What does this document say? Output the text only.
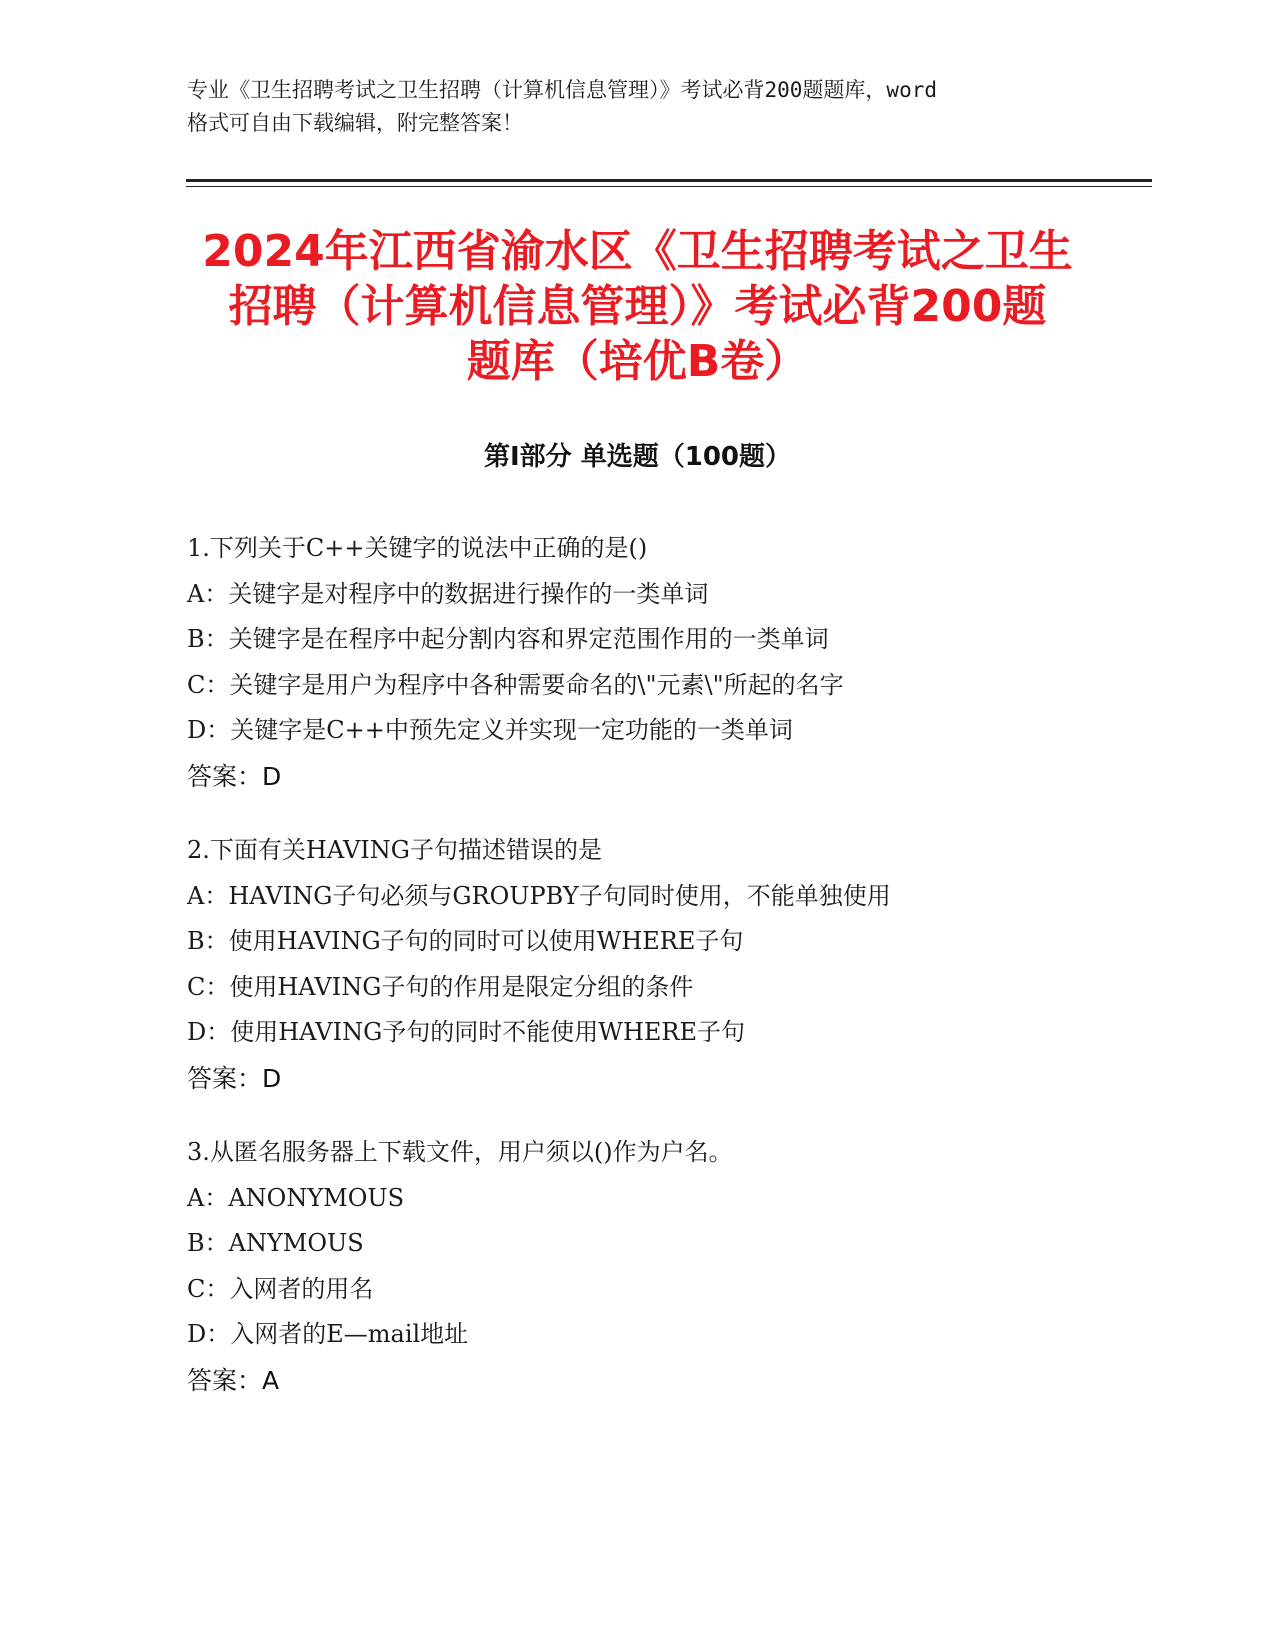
专业《卫生招聘考试之卫生招聘（计算机信息管理）》考试必背200题题库，word
格式可自由下载编辑，附完整答案！
2024年江西省渝水区《卫生招聘考试之卫生
招聘（计算机信息管理）》考试必背200题
题库（培优B卷）
第Ⅰ部分 单选题（100题）
1.下列关于C++关键字的说法中正确的是()
A：关键字是对程序中的数据进行操作的一类单词
B：关键字是在程序中起分割内容和界定范围作用的一类单词
C：关键字是用户为程序中各种需要命名的\"元素\"所起的名字
D：关键字是C++中预先定义并实现一定功能的一类单词
答案：D
2.下面有关HAVING子句描述错误的是
A：HAVING子句必须与GROUPBY子句同时使用，不能单独使用
B：使用HAVING子句的同时可以使用WHERE子句
C：使用HAVING子句的作用是限定分组的条件
D：使用HAVING予句的同时不能使用WHERE子句
答案：D
3.从匿名服务器上下载文件，用户须以()作为户名。
A：ANONYMOUS
B：ANYMOUS
C：入网者的用名
D：入网者的E—mail地址
答案：A
